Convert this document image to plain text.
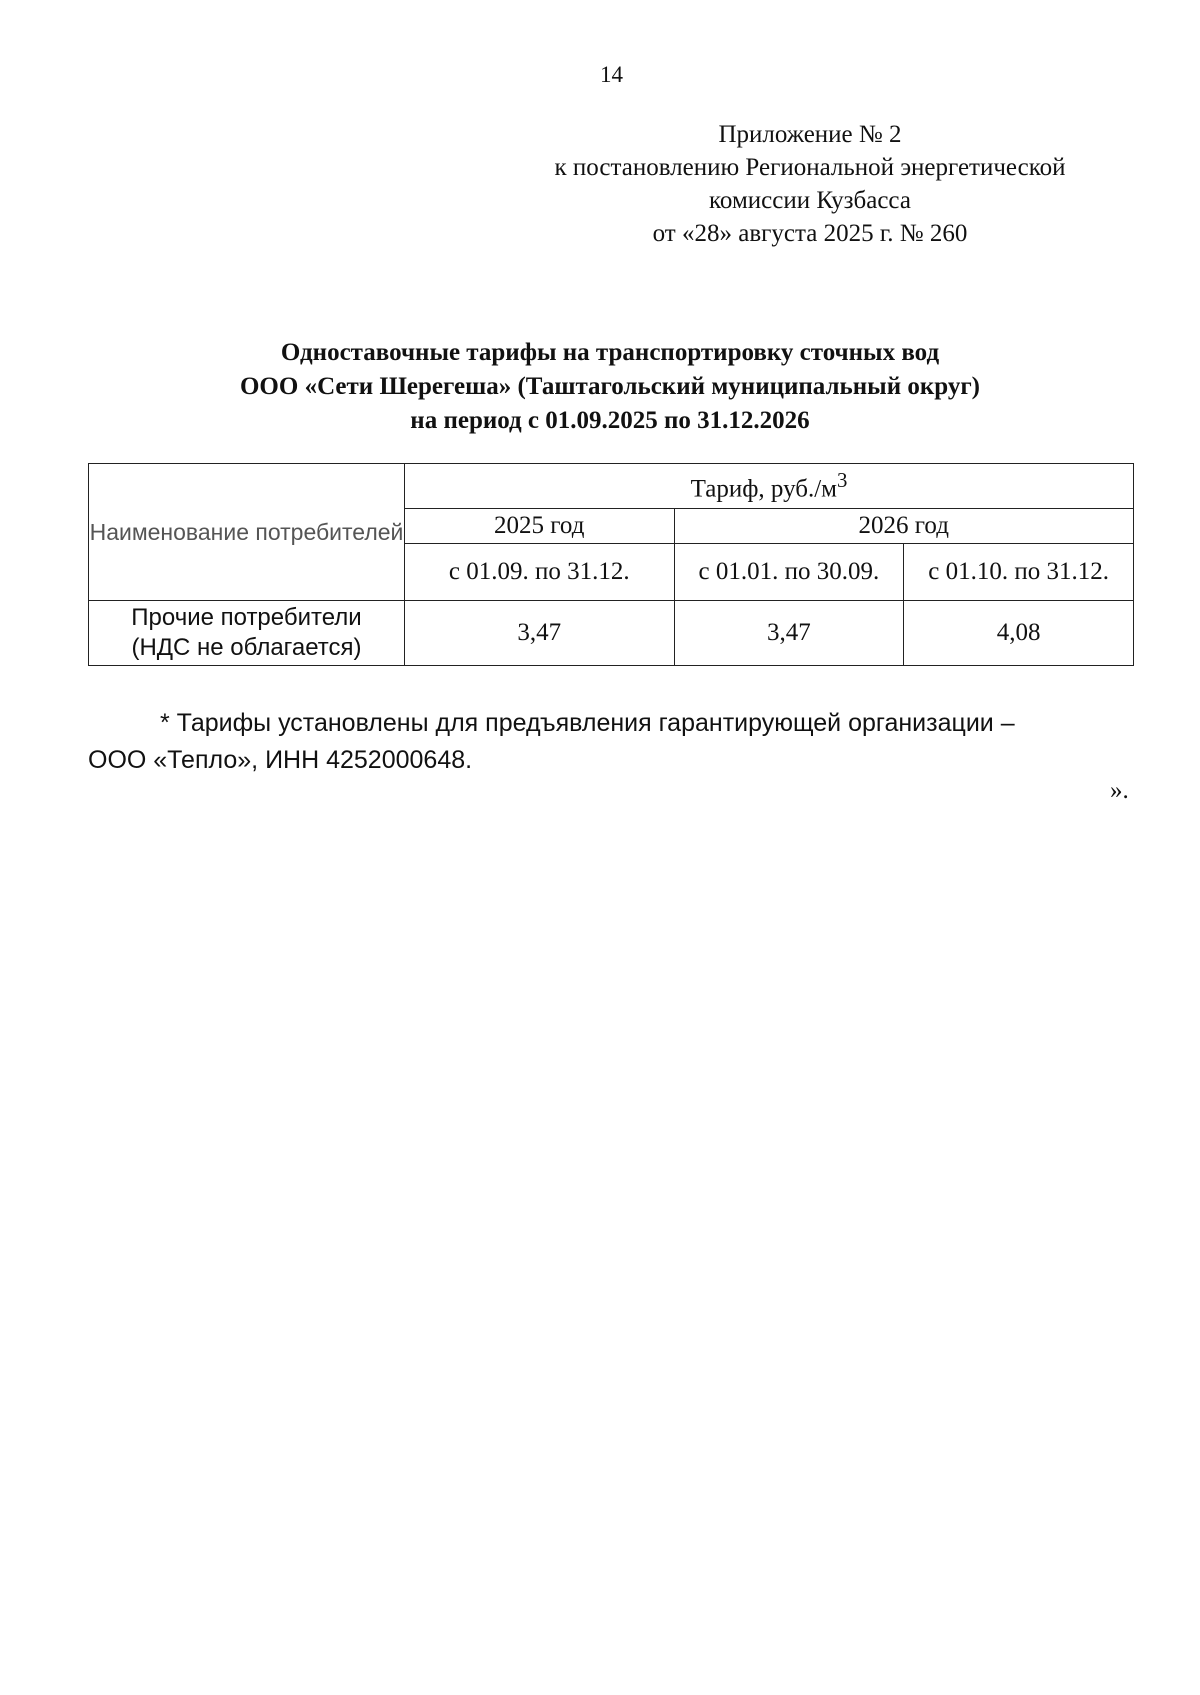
14
Приложение № 2
к постановлению Региональной энергетической
комиссии Кузбасса
от «28» августа 2025 г. № 260
Одноставочные тарифы на транспортировку сточных вод
ООО «Сети Шерегеша» (Таштагольский муниципальный округ)
на период с 01.09.2025 по 31.12.2026
Наименование потребителей	Тариф, $руб./м^3$
	2025 год	2026 год	
	с 01.09. по 31.12.	с 01.01. по 30.09.	с 01.10. по 31.12.

Прочие потребители
(НДС не облагается)	3,47	3,47	4,08
* Тарифы установлены для предъявления гарантирующей организации –
ООО «Тепло», ИНН 4252000648.
».
